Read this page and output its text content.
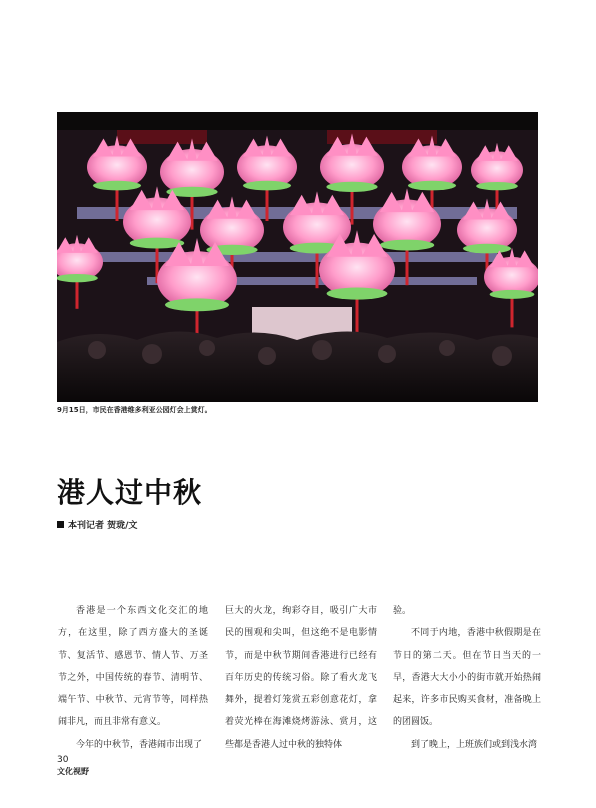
9月15日，市民在香港维多利亚公园灯会上赏灯。
港人过中秋
本刊记者 贺珑/文

香港是一个东西文化交汇的地方，在这里，除了西方盛大的圣诞节、复活节、感恩节、情人节、万圣节之外，中国传统的春节、清明节、端午节、中秋节、元宵节等，同样热闹非凡，而且非常有意义。

今年的中秋节，香港闹市出现了

巨大的火龙，绚彩夺目，吸引广大市民的围观和尖叫，但这绝不是电影情节，而是中秋节期间香港进行已经有百年历史的传统习俗。除了看火龙飞舞外，提着灯笼赏五彩创意花灯，拿着荧光棒在海滩烧烤游泳、赏月，这些都是香港人过中秋的独特体

验。

不同于内地，香港中秋假期是在节日的第二天。但在节日当天的一早，香港大大小小的街市就开始热闹起来，许多市民购买食材，准备晚上的团圆饭。

到了晚上，上班族们或到浅水湾

30
文化视野
